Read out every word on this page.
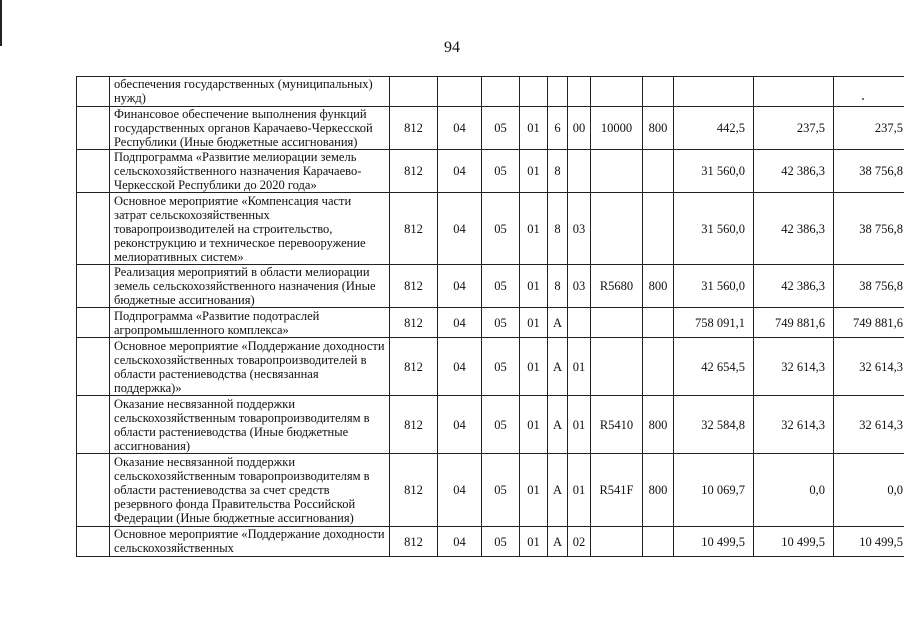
94
	обеспечения государственных (муниципальных) нужд)											
	Финансовое обеспечение выполнения функций государственных органов Карачаево-Черкесской Республики (Иные бюджетные ассигнования)	812	04	05	01	6	00	10000	800	442,5	237,5	237,5
	Подпрограмма «Развитие мелиорации земель сельскохозяйственного назначения Карачаево-Черкесской Республики до 2020 года»	812	04	05	01	8				31 560,0	42 386,3	38 756,8
	Основное мероприятие «Компенсация части затрат сельскохозяйственных товаропроизводителей на строительство, реконструкцию и техническое перевооружение мелиоративных систем»	812	04	05	01	8	03			31 560,0	42 386,3	38 756,8
	Реализация мероприятий в области мелиорации земель сельскохозяйственного назначения (Иные бюджетные ассигнования)	812	04	05	01	8	03	R5680	800	31 560,0	42 386,3	38 756,8
	Подпрограмма «Развитие подотраслей агропромышленного комплекса»	812	04	05	01	А				758 091,1	749 881,6	749 881,6
	Основное мероприятие «Поддержание доходности сельскохозяйственных товаропроизводителей в области растениеводства (несвязанная поддержка)»	812	04	05	01	А	01			42 654,5	32 614,3	32 614,3
	Оказание несвязанной поддержки сельскохозяйственным товаропроизводителям в области растениеводства (Иные бюджетные ассигнования)	812	04	05	01	А	01	R5410	800	32 584,8	32 614,3	32 614,3
	Оказание несвязанной поддержки сельскохозяйственным товаропроизводителям в области растениеводства за счет средств резервного фонда Правительства Российской Федерации (Иные бюджетные ассигнования)	812	04	05	01	А	01	R541F	800	10 069,7	0,0	0,0
	Основное мероприятие «Поддержание доходности сельскохозяйственных	812	04	05	01	А	02			10 499,5	10 499,5	10 499,5
